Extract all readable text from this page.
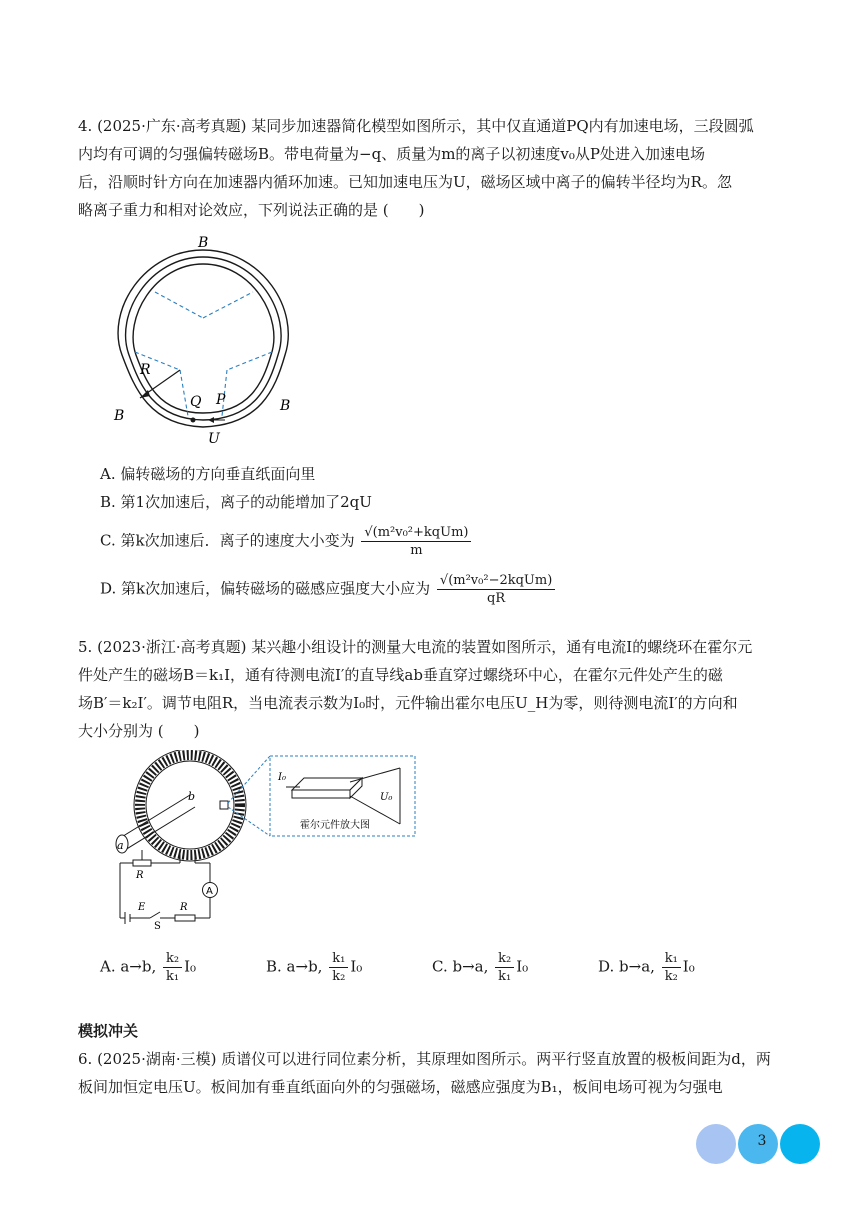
4. (2025·广东·高考真题) 某同步加速器简化模型如图所示，其中仅直通道PQ内有加速电场，三段圆弧
内均有可调的匀强偏转磁场B。带电荷量为−q、质量为m的离子以初速度v₀从P处进入加速电场
后，沿顺时针方向在加速器内循环加速。已知加速电压为U，磁场区域中离子的偏转半径均为R。忽
略离子重力和相对论效应，下列说法正确的是 (　　)
B
B
B
R
Q P
U
A. 偏转磁场的方向垂直纸面向里
B. 第1次加速后，离子的动能增加了2qU
C. 第k次加速后．离子的速度大小变为 $\frac{\text{√(m²v₀²+kqUm)}}{m}$
D. 第k次加速后，偏转磁场的磁感应强度大小应为 $\frac{\text{√(m²v₀²−2kqUm)}}{qR}$
5. (2023·浙江·高考真题) 某兴趣小组设计的测量大电流的装置如图所示，通有电流I的螺绕环在霍尔元
件处产生的磁场B＝k₁I，通有待测电流I′的直导线ab垂直穿过螺绕环中心，在霍尔元件处产生的磁
场B′＝k₂I′。调节电阻R，当电流表示数为I₀时，元件输出霍尔电压U_H为零，则待测电流I′的方向和
大小分别为 (　　)
a
b
I₀
U₀
霍尔元件放大图
A
E
S
R
R
A. a→b, $\frac{\text{k₂}}{\text{k₁}} I_0$	B. a→b, $\frac{\text{k₁}}{\text{k₂}} I_0$	C. b→a, $\frac{\text{k₂}}{\text{k₁}} I_0$	D. b→a, $\frac{\text{k₁}}{\text{k₂}} I_0$
模拟冲关
6. (2025·湖南·三模) 质谱仪可以进行同位素分析，其原理如图所示。两平行竖直放置的极板间距为d，两
板间加恒定电压U。板间加有垂直纸面向外的匀强磁场，磁感应强度为B₁，板间电场可视为匀强电
3
